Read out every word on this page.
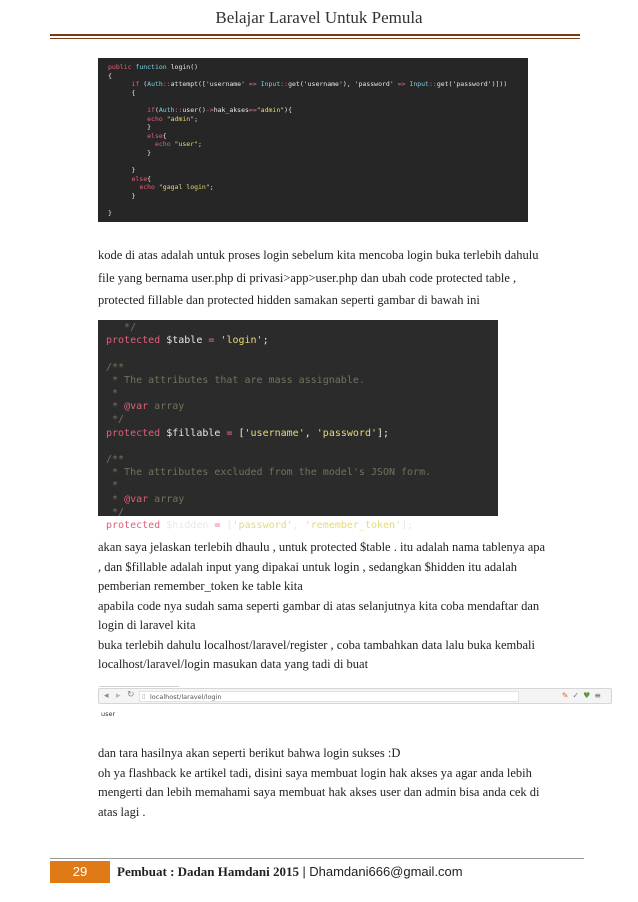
Belajar Laravel Untuk Pemula
public function login()
{
if (Auth::attempt(['username' => Input::get('username'), 'password' => Input::get('password')]))
{

if(Auth::user()->hak_akses=="admin"){
echo "admin";
}
else{
echo "user";
}

}
else{
echo "gagal login";
}

}
kode di atas adalah untuk proses login sebelum kita mencoba login buka terlebih dahulu
file yang bernama user.php di privasi>app>user.php dan ubah code protected table ,
protected fillable dan protected hidden samakan seperti gambar di bawah ini
*/
protected $table = 'login';

/**
* The attributes that are mass assignable.
*
* @var array
*/
protected $fillable = ['username', 'password'];

/**
* The attributes excluded from the model's JSON form.
*
* @var array
*/
protected $hidden = ['password', 'remember_token'];
akan saya jelaskan terlebih dhaulu , untuk protected $table . itu adalah nama tablenya apa
, dan $fillable adalah input yang dipakai untuk login , sedangkan $hidden itu adalah
pemberian remember_token ke table kita
apabila code nya sudah sama seperti gambar di atas selanjutnya kita coba mendaftar dan
login di laravel kita
buka terlebih dahulu localhost/laravel/register , coba tambahkan data lalu buka kembali
localhost/laravel/login masukan data yang tadi di buat
◂ ▸ ↻ ▯ localhost/laravel/login	✎✓♥≡
user
dan tara hasilnya akan seperti berikut bahwa login sukses :D
oh ya flashback ke artikel tadi, disini saya membuat login hak akses ya agar anda lebih
mengerti dan lebih memahami saya membuat hak akses user dan admin bisa anda cek di
atas lagi .
29	Pembuat : Dadan Hamdani 2015 | Dhamdani666@gmail.com
